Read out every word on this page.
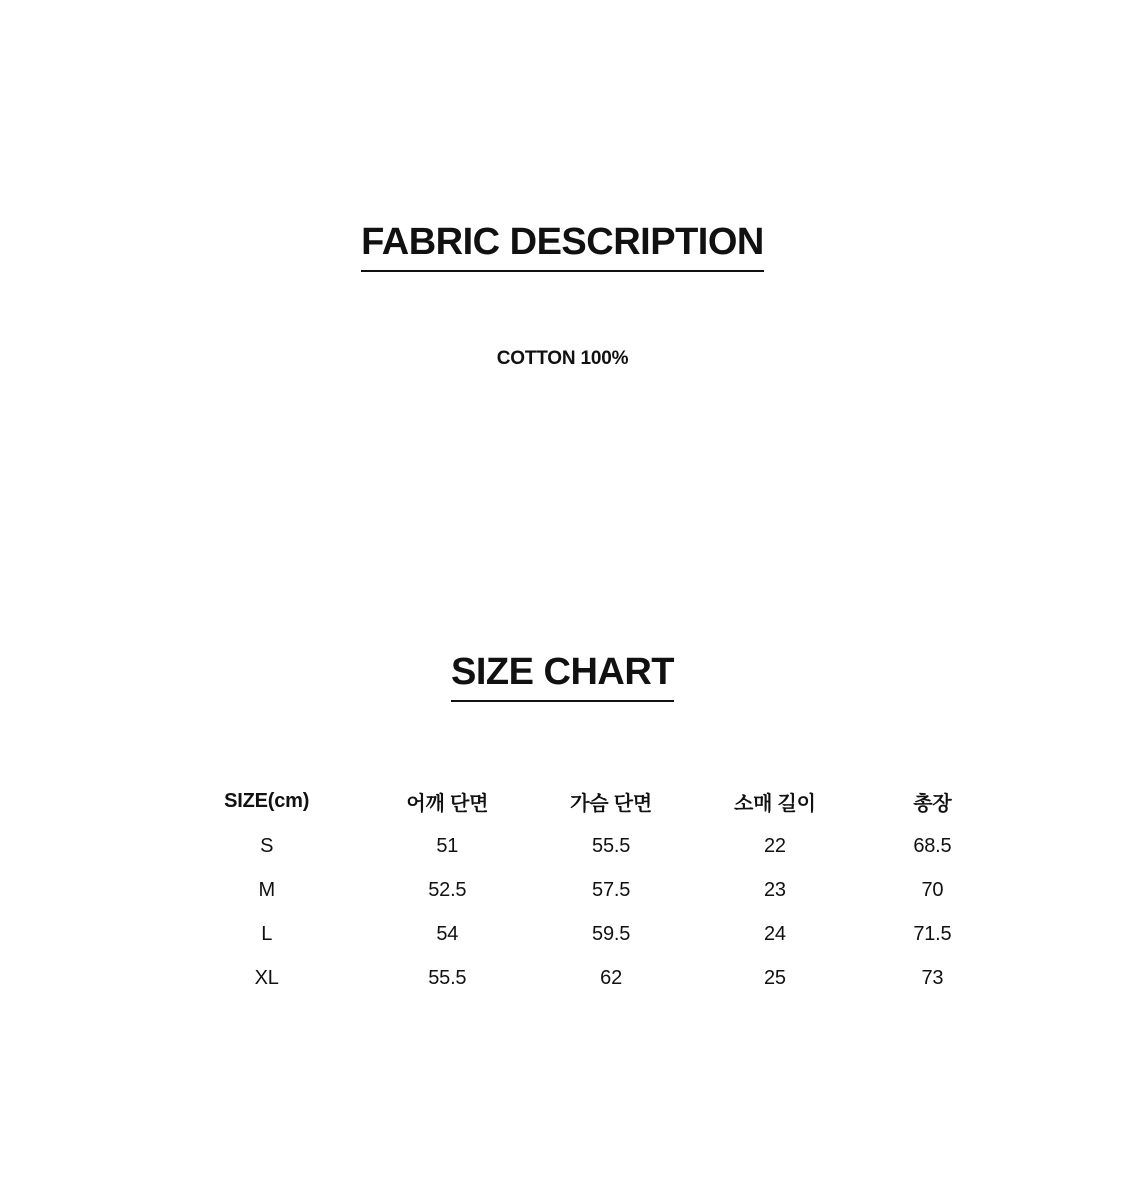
FABRIC DESCRIPTION
COTTON 100%
SIZE CHART
SIZE(cm)	어깨 단면	가슴 단면	소매 길이	총장
S	51	55.5	22	68.5
M	52.5	57.5	23	70
L	54	59.5	24	71.5
XL	55.5	62	25	73
